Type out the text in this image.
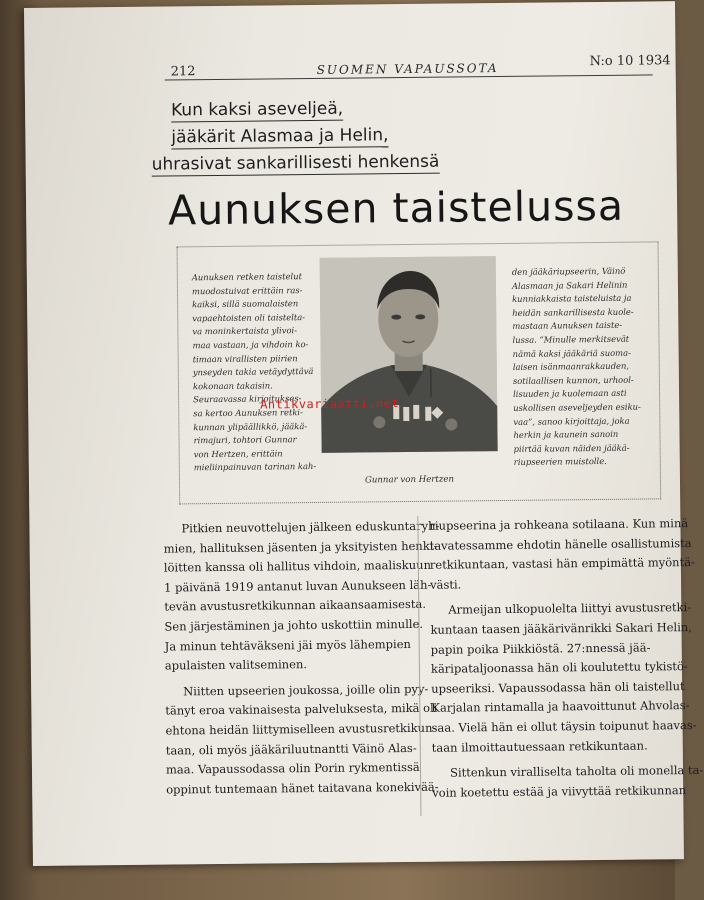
​
212	SUOMEN VAPAUSSOTA	N:o 10 1934
Kun kaksi aseveljeä,
jääkärit Alasmaa ja Helin,
uhrasivat sankarillisesti henkensä
Aunuksen taistelussa
Aunuksen retken taistelut
muodostuivat erittäin ras-
kaiksi, sillä suomalaisten
vapaehtoisten oli taistelta-
va moninkertaista ylivoi-
maa vastaan, ja vihdoin ko-
timaan virallisten piirien
ynseyden takia vetäydyttävä
kokonaan takaisin.
Seuraavassa kirjoitukses-
sa kertoo Aunuksen retki-
kunnan ylipäällikkö, jääkä-
rimajuri, tohtori Gunnar
von Hertzen, erittäin
mieliinpainuvan tarinan kah-
den jääkäriupseerin, Väinö
Alasmaan ja Sakari Helinin
kunniakkaista taisteluista ja
heidän sankarillisesta kuole-
mastaan Aunuksen taiste-
lussa. ”Minulle merkitsevät
nämä kaksi jääkäriä suoma-
laisen isänmaanrakkauden,
sotilaallisen kunnon, urhool-
lisuuden ja kuolemaan asti
uskollisen aseveljeyden esiku-
vaa”, sanoo kirjoittaja, joka
herkin ja kaunein sanoin
piirtää kuvan näiden jääkä-
riupseerien muistolle.
Gunnar von Hertzen
Antikvariaatti.net
Pitkien neuvottelujen jälkeen eduskuntaryh-
mien, hallituksen jäsenten ja yksityisten henki-
löitten kanssa oli hallitus vihdoin, maaliskuun
1 päivänä 1919 antanut luvan Aunukseen läh-
tevän avustusretkikunnan aikaansaamisesta.
Sen järjestäminen ja johto uskottiin minulle.
Ja minun tehtäväkseni jäi myös lähempien
apulaisten valitseminen.
Niitten upseerien joukossa, joille olin pyy-
tänyt eroa vakinaisesta palveluksesta, mikä oli
ehtona heidän liittymiselleen avustusretkikun-
taan, oli myös jääkäriluutnantti Väinö Alas-
maa. Vapaussodassa olin Porin rykmentissä
oppinut tuntemaan hänet taitavana konekivää-
riupseerina ja rohkeana sotilaana. Kun minä
tavatessamme ehdotin hänelle osallistumista
retkikuntaan, vastasi hän empimättä myöntä-
västi.
Armeijan ulkopuolelta liittyi avustusretki-
kuntaan taasen jääkärivänrikki Sakari Helin,
papin poika Piikkiöstä. 27:nnessä jää-
käripataljoonassa hän oli koulutettu tykistö-
upseeriksi. Vapaussodassa hän oli taistellut
Karjalan rintamalla ja haavoittunut Ahvolas-
saa. Vielä hän ei ollut täysin toipunut haavas-
taan ilmoittautuessaan retkikuntaan.
Sittenkun viralliselta taholta oli monella ta-
voin koetettu estää ja viivyttää retkikunnan
